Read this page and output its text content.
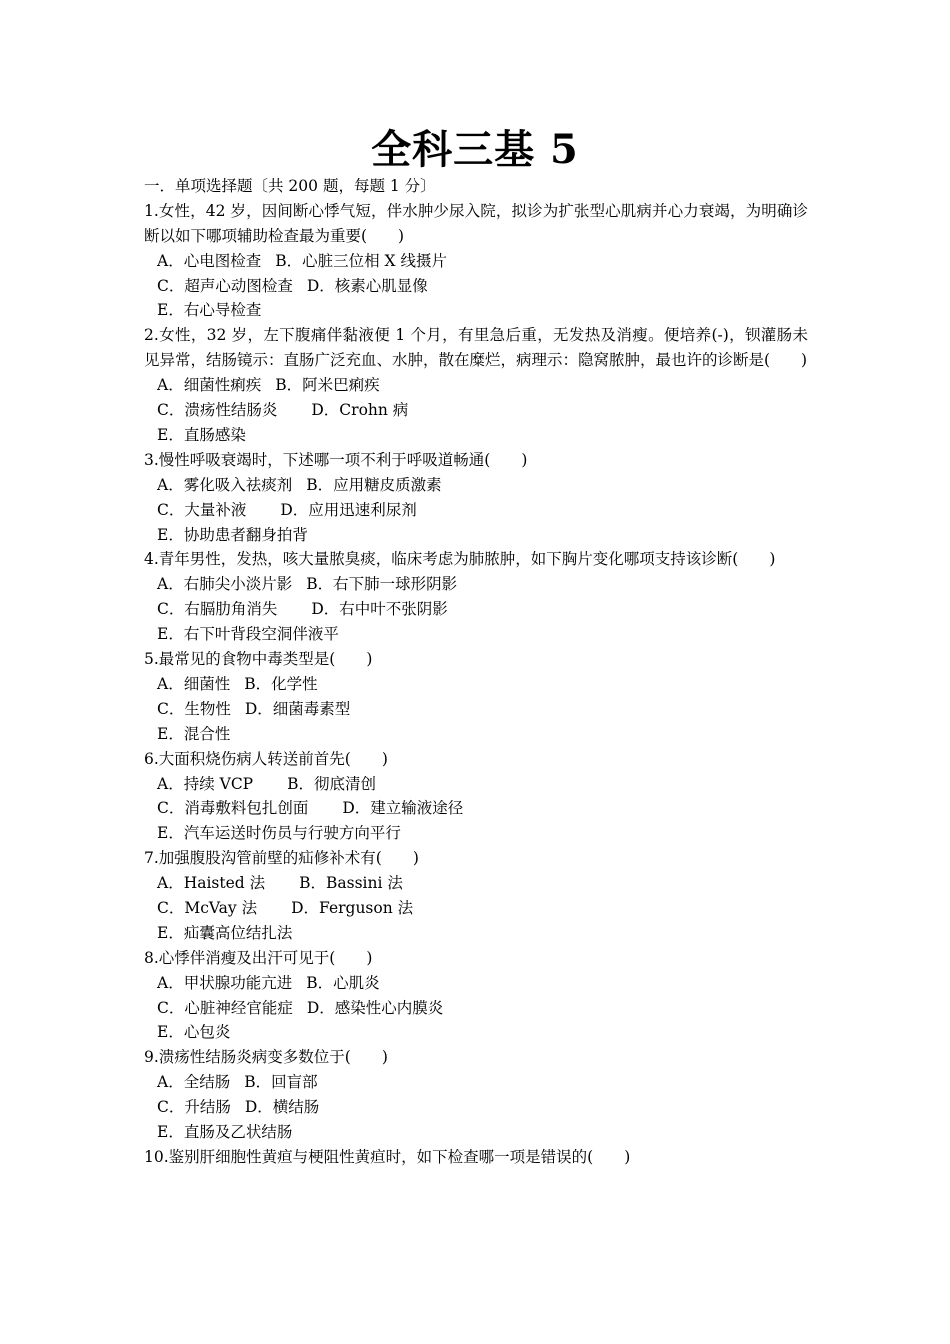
全科三基 5
一．单项选择题〔共 200 题，每题 1 分〕
1.女性，42 岁，因间断心悸气短，伴水肿少尿入院，拟诊为扩张型心肌病并心力衰竭，为明确诊断以如下哪项辅助检查最为重要(　　)
A．心电图检查 B．心脏三位相 X 线摄片
C．超声心动图检查 D．核素心肌显像
E．右心导检查
2.女性，32 岁，左下腹痛伴黏液便 1 个月，有里急后重，无发热及消瘦。便培养(-)，钡灌肠未见异常，结肠镜示：直肠广泛充血、水肿，散在糜烂，病理示：隐窝脓肿，最也许的诊断是(　　)
A．细菌性痢疾 B．阿米巴痢疾
C．溃疡性结肠炎 D．Crohn 病
E．直肠感染
3.慢性呼吸衰竭时，下述哪一项不利于呼吸道畅通(　　)
A．雾化吸入祛痰剂 B．应用糖皮质激素
C．大量补液 D．应用迅速利尿剂
E．协助患者翻身拍背
4.青年男性，发热，咳大量脓臭痰，临床考虑为肺脓肿，如下胸片变化哪项支持该诊断(　　)
A．右肺尖小淡片影 B．右下肺一球形阴影
C．右膈肋角消失 D．右中叶不张阴影
E．右下叶背段空洞伴液平
5.最常见的食物中毒类型是(　　)
A．细菌性 B．化学性
C．生物性 D．细菌毒素型
E．混合性
6.大面积烧伤病人转送前首先(　　)
A．持续 VCP B．彻底清创
C．消毒敷料包扎创面 D．建立输液途径
E．汽车运送时伤员与行驶方向平行
7.加强腹股沟管前壁的疝修补术有(　　)
A．Haisted 法 B．Bassini 法
C．McVay 法 D．Ferguson 法
E．疝囊高位结扎法
8.心悸伴消瘦及出汗可见于(　　)
A．甲状腺功能亢进 B．心肌炎
C．心脏神经官能症 D．感染性心内膜炎
E．心包炎
9.溃疡性结肠炎病变多数位于(　　)
A．全结肠 B．回盲部
C．升结肠 D．横结肠
E．直肠及乙状结肠
10.鉴别肝细胞性黄疸与梗阻性黄疸时，如下检查哪一项是错误的(　　)
